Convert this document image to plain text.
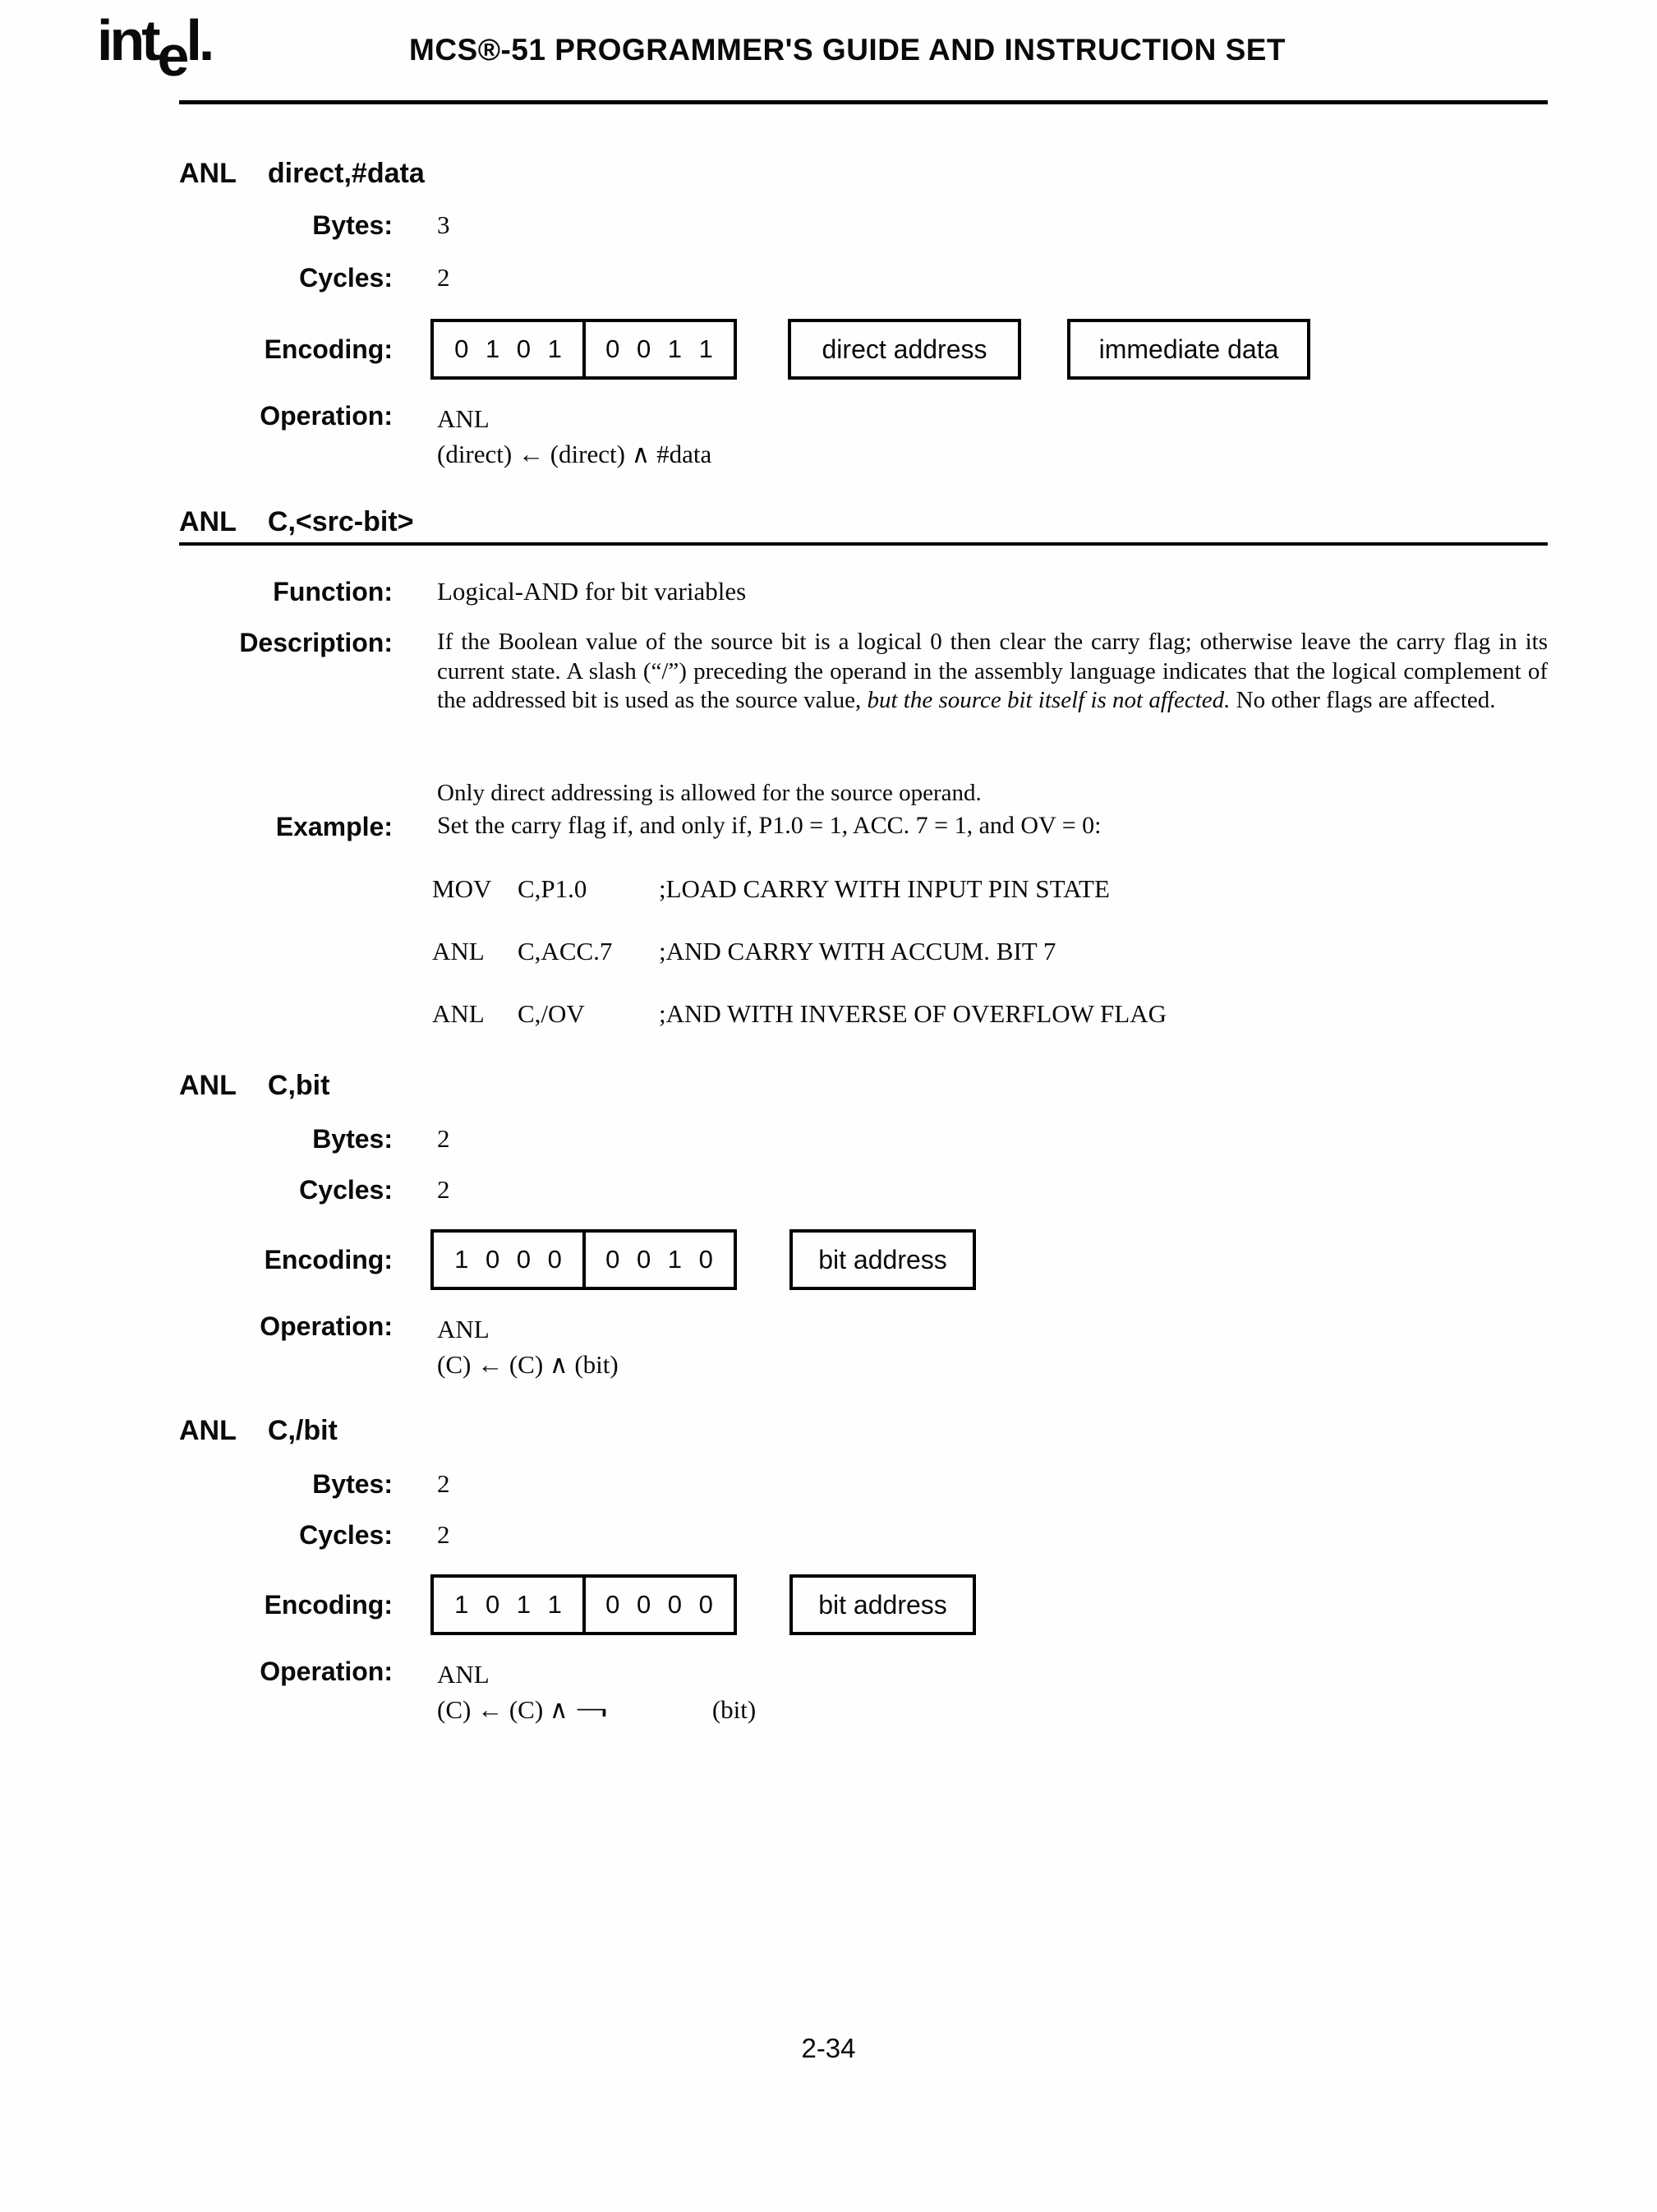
intel.	MCS®-51 PROGRAMMER'S GUIDE AND INSTRUCTION SET
ANL direct,#data
Bytes: 3
Cycles: 2
Encoding:	0 1 0 1	0 0 1 1	direct address	immediate data
Operation: ANL
(direct) ← (direct) ∧ #data
ANL C,<src-bit>
Function: Logical-AND for bit variables
Description: If the Boolean value of the source bit is a logical 0 then clear the carry flag; otherwise leave the carry flag in its current state. A slash (“/”) preceding the operand in the assembly language indicates that the logical complement of the addressed bit is used as the source value, but the source bit itself is not affected. No other flags are affected.
Only direct addressing is allowed for the source operand.
Example: Set the carry flag if, and only if, P1.0 = 1, ACC. 7 = 1, and OV = 0:
MOV	C,P1.0	;LOAD CARRY WITH INPUT PIN STATE
ANL	C,ACC.7	;AND CARRY WITH ACCUM. BIT 7
ANL	C,/OV	;AND WITH INVERSE OF OVERFLOW FLAG
ANL C,bit
Bytes: 2
Cycles: 2
Encoding:	1 0 0 0	0 0 1 0	bit address
Operation: ANL
(C) ← (C) ∧ (bit)
ANL C,/bit
Bytes: 2
Cycles: 2
Encoding:	1 0 1 1	0 0 0 0	bit address
Operation: ANL
(C) ← (C) ∧ ¬	(bit)
2-34
